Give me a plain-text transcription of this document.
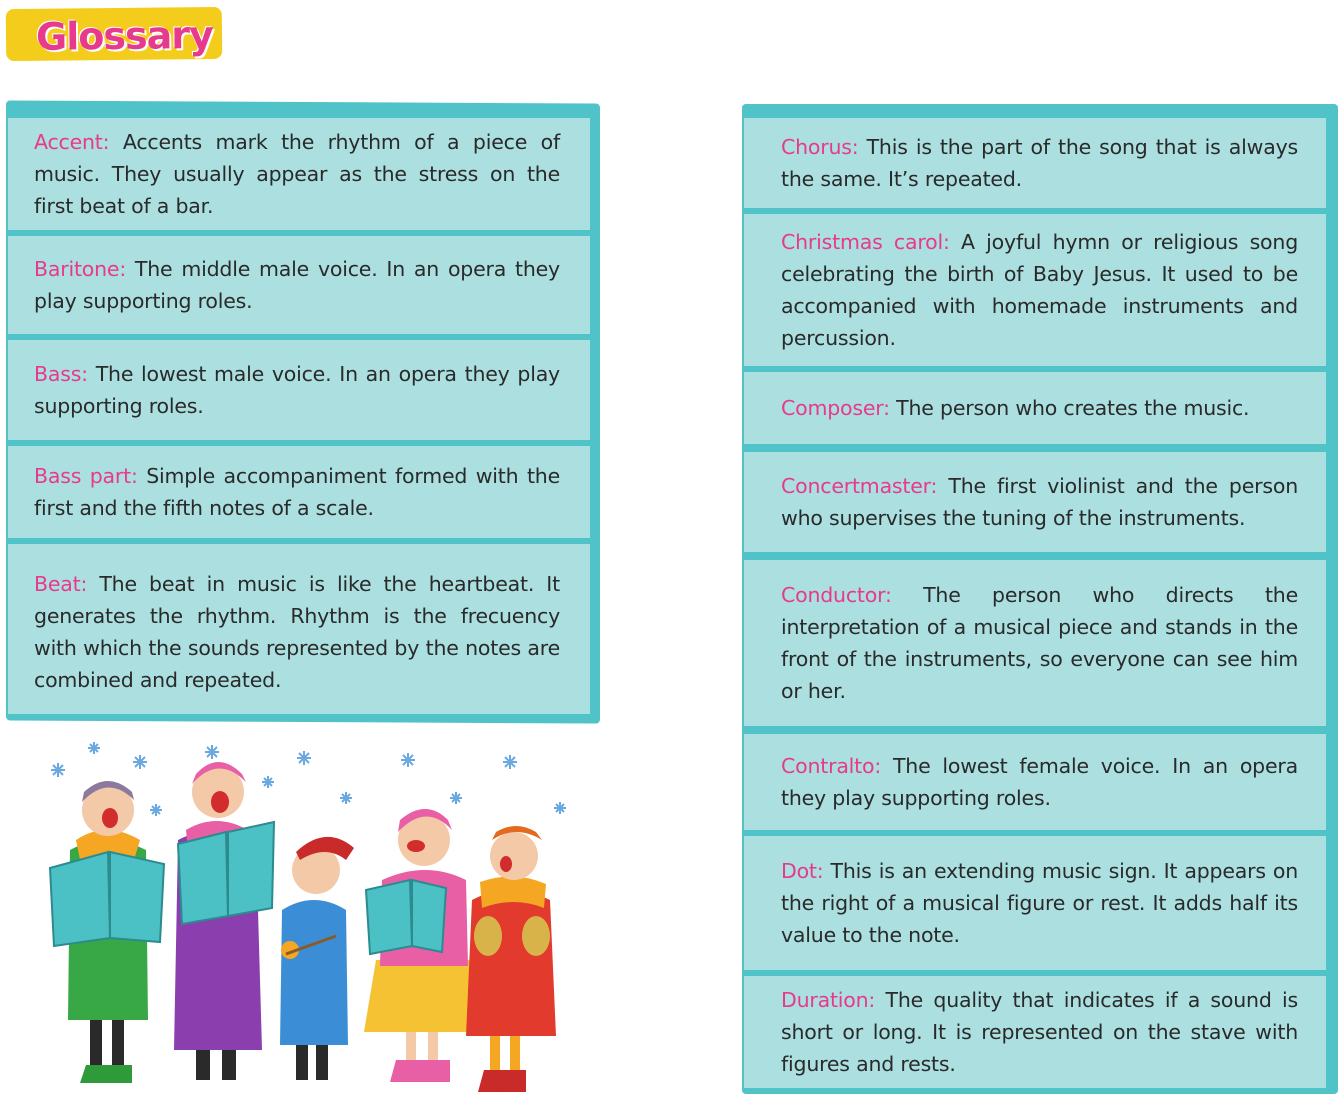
Glossary

Accent: Accents mark the rhythm of a piece of music. They usually appear as the stress on the first beat of a bar.

Baritone: The middle male voice. In an opera they play supporting roles.

Bass: The lowest male voice. In an opera they play supporting roles.

Bass part: Simple accompaniment formed with the first and the fifth notes of a scale.

Beat: The beat in music is like the heartbeat. It generates the rhythm. Rhythm is the frecuency with which the sounds represented by the notes are combined and repeated.

Chorus: This is the part of the song that is always the same. It’s repeated.

Christmas carol: A joyful hymn or religious song celebrating the birth of Baby Jesus. It used to be accompanied with homemade instruments and percussion.

Composer: The person who creates the music.

Concertmaster: The first violinist and the person who supervises the tuning of the instruments.

Conductor: The person who directs the interpretation of a musical piece and stands in the front of the instruments, so everyone can see him or her.

Contralto: The lowest female voice. In an opera they play supporting roles.

Dot: This is an extending music sign. It appears on the right of a musical figure or rest. It adds half its value to the note.

Duration: The quality that indicates if a sound is short or long. It is represented on the stave with figures and rests.
